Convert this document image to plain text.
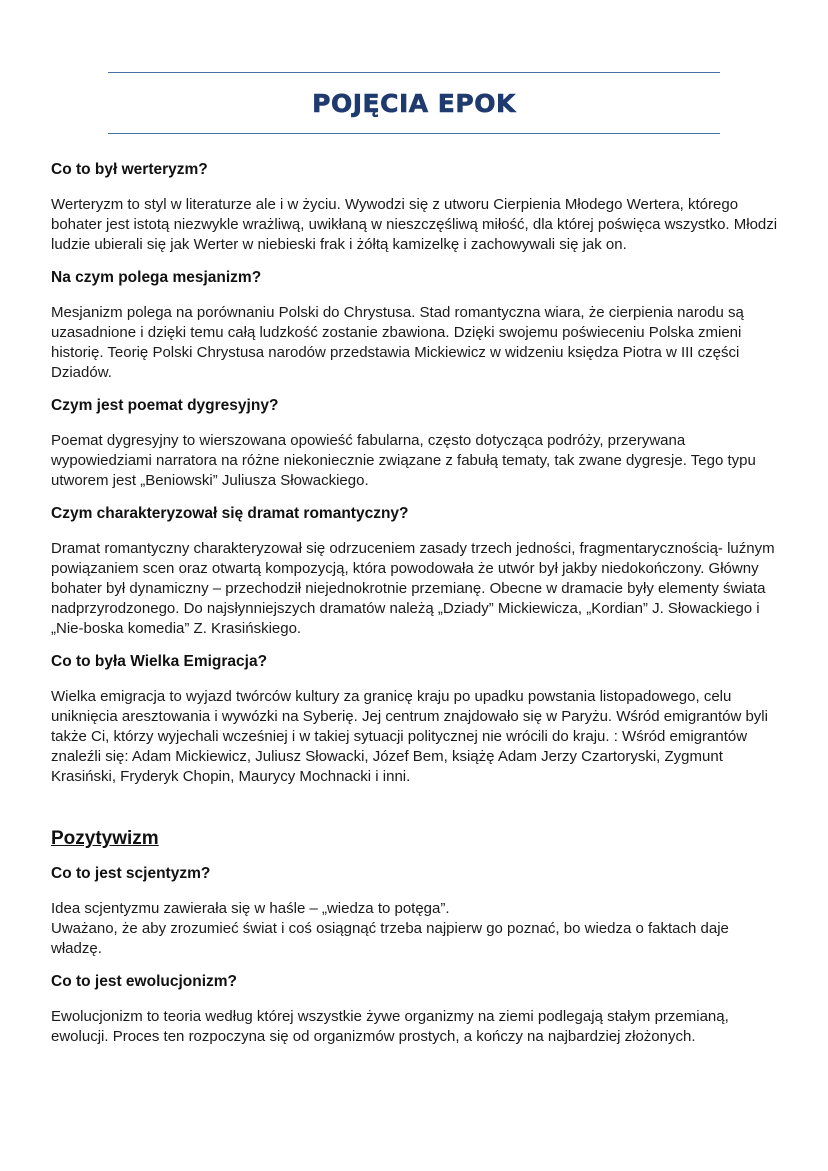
POJĘCIA EPOK
Co to był werteryzm?
Werteryzm to styl w literaturze ale i w życiu. Wywodzi się z utworu Cierpienia Młodego Wertera, którego bohater jest istotą niezwykle wrażliwą, uwikłaną w nieszczęśliwą miłość, dla której poświęca wszystko. Młodzi ludzie ubierali się jak Werter w niebieski frak i żółtą kamizelkę i zachowywali się jak on.
Na czym polega mesjanizm?
Mesjanizm polega na porównaniu Polski do Chrystusa. Stad romantyczna wiara, że cierpienia narodu są uzasadnione i dzięki temu całą ludzkość zostanie zbawiona. Dzięki swojemu poświeceniu Polska zmieni historię. Teorię Polski Chrystusa narodów przedstawia Mickiewicz w widzeniu księdza Piotra w III części Dziadów.
Czym jest poemat dygresyjny?
Poemat dygresyjny to wierszowana opowieść fabularna, często dotycząca podróży, przerywana wypowiedziami narratora na różne niekoniecznie związane z fabułą tematy, tak zwane dygresje. Tego typu utworem jest „Beniowski” Juliusza Słowackiego.
Czym charakteryzował się dramat romantyczny?
Dramat romantyczny charakteryzował się odrzuceniem zasady trzech jedności, fragmentarycznością- luźnym powiązaniem scen oraz otwartą kompozycją, która powodowała że utwór był jakby niedokończony. Główny bohater był dynamiczny – przechodził niejednokrotnie przemianę. Obecne w dramacie były elementy świata nadprzyrodzonego. Do najsłynniejszych dramatów należą „Dziady” Mickiewicza, „Kordian” J. Słowackiego i „Nie-boska komedia” Z. Krasińskiego.
Co to była Wielka Emigracja?
Wielka emigracja to wyjazd twórców kultury za granicę kraju po upadku powstania listopadowego, celu uniknięcia aresztowania i wywózki na Syberię. Jej centrum znajdowało się w Paryżu. Wśród emigrantów byli także Ci, którzy wyjechali wcześniej i w takiej sytuacji politycznej nie wrócili do kraju. : Wśród emigrantów znaleźli się: Adam Mickiewicz, Juliusz Słowacki, Józef Bem, książę Adam Jerzy Czartoryski, Zygmunt Krasiński, Fryderyk Chopin, Maurycy Mochnacki i inni.
Pozytywizm
Co to jest scjentyzm?

Idea scjentyzmu zawierała się w haśle – „wiedza to potęga”.

Uważano, że aby zrozumieć świat i coś osiągnąć trzeba najpierw go poznać, bo wiedza o faktach daje władzę.

Co to jest ewolucjonizm?
Ewolucjonizm to teoria według której wszystkie żywe organizmy na ziemi podlegają stałym przemianą, ewolucji. Proces ten rozpoczyna się od organizmów prostych, a kończy na najbardziej złożonych.
